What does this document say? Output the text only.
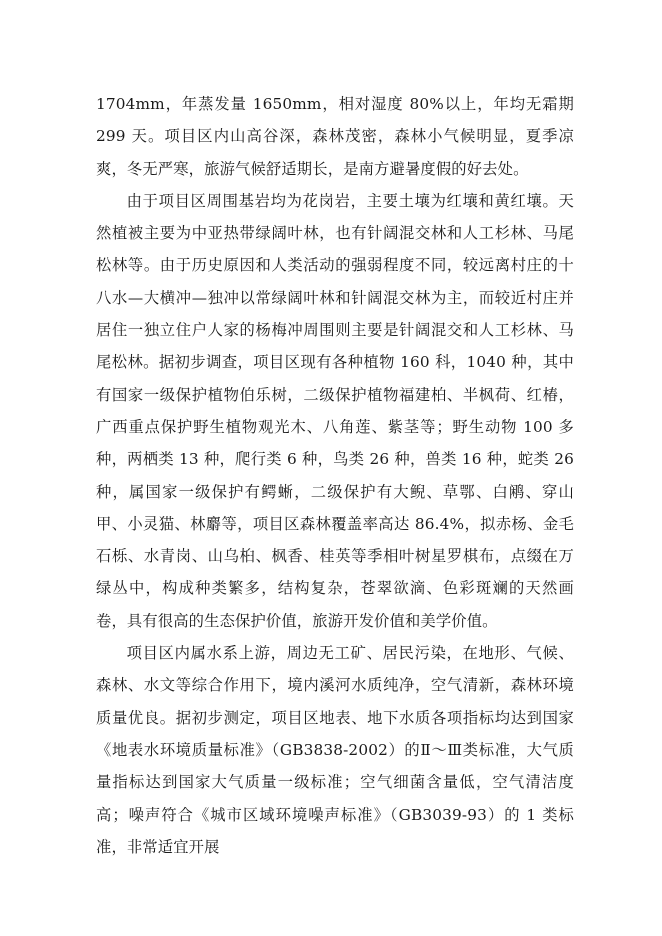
1704mm，年蒸发量 1650mm，相对湿度 80%以上，年均无霜期 299 天。项目区内山高谷深，森林茂密，森林小气候明显，夏季凉爽，冬无严寒，旅游气候舒适期长，是南方避暑度假的好去处。

由于项目区周围基岩均为花岗岩，主要土壤为红壤和黄红壤。天然植被主要为中亚热带绿阔叶林，也有针阔混交林和人工杉林、马尾松林等。由于历史原因和人类活动的强弱程度不同，较远离村庄的十八水—大横冲—独冲以常绿阔叶林和针阔混交林为主，而较近村庄并居住一独立住户人家的杨梅冲周围则主要是针阔混交和人工杉林、马尾松林。据初步调查，项目区现有各种植物 160 科，1040 种，其中有国家一级保护植物伯乐树，二级保护植物福建柏、半枫荷、红椿，广西重点保护野生植物观光木、八角莲、紫茎等；野生动物 100 多种，两栖类 13 种，爬行类 6 种，鸟类 26 种，兽类 16 种，蛇类 26 种，属国家一级保护有鳄蜥，二级保护有大鲵、草鄂、白鹇、穿山甲、小灵猫、林麝等，项目区森林覆盖率高达 86.4%，拟赤杨、金毛石栎、水青岗、山乌桕、枫香、桂英等季相叶树星罗棋布，点缀在万绿丛中，构成种类繁多，结构复杂，苍翠欲滴、色彩斑斓的天然画卷，具有很高的生态保护价值，旅游开发价值和美学价值。

项目区内属水系上游，周边无工矿、居民污染，在地形、气候、森林、水文等综合作用下，境内溪河水质纯净，空气清新，森林环境质量优良。据初步测定，项目区地表、地下水质各项指标均达到国家《地表水环境质量标准》（GB3838-2002）的Ⅱ～Ⅲ类标准，大气质量指标达到国家大气质量一级标准；空气细菌含量低，空气清洁度高；噪声符合《城市区域环境噪声标准》（GB3039-93）的 1 类标准，非常适宜开展
